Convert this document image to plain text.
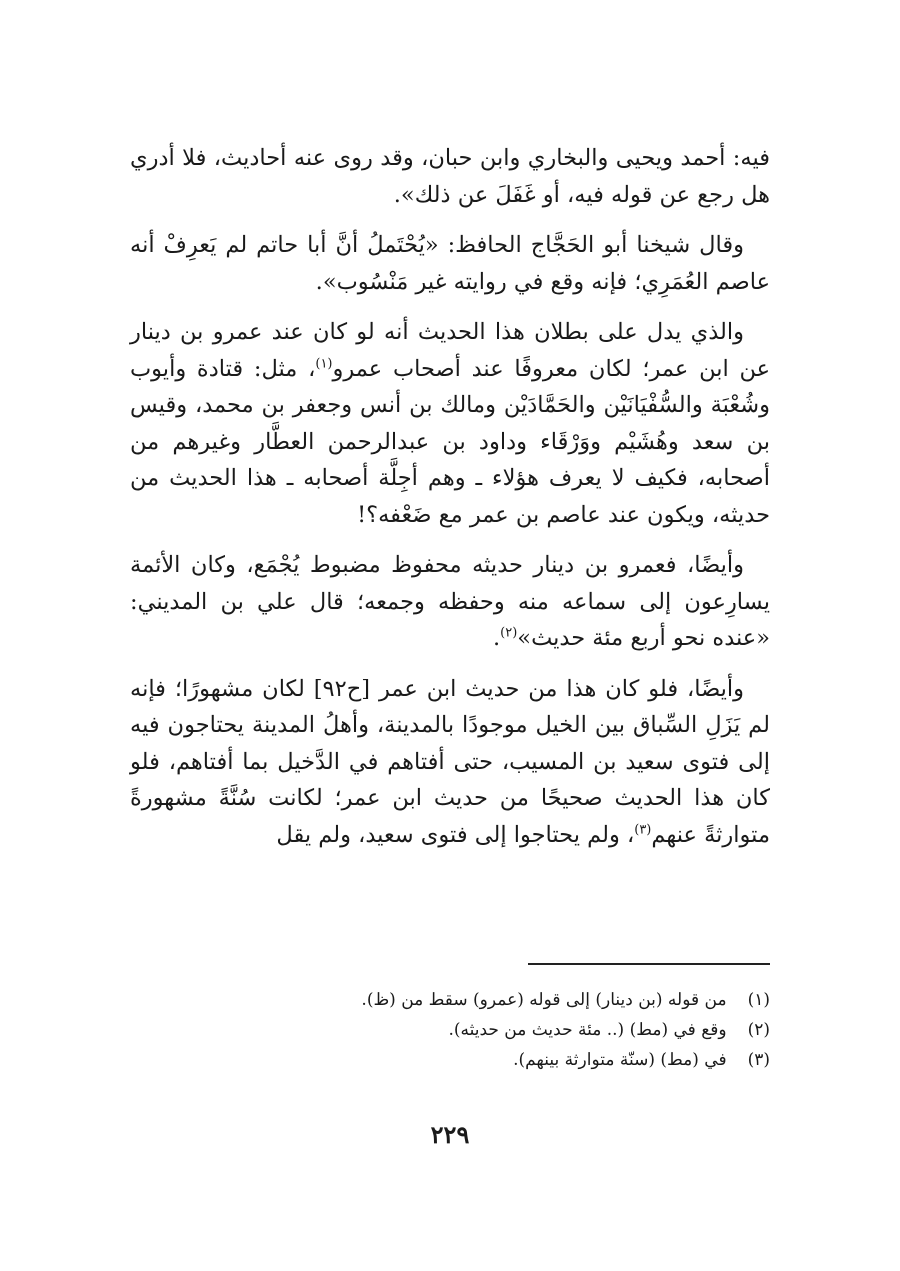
فيه: أحمد ويحيى والبخاري وابن حبان، وقد روى عنه أحاديث، فلا أدري هل رجع عن قوله فيه، أو غَفَلَ عن ذلك».

وقال شيخنا أبو الحَجَّاج الحافظ: «يُحْتَملُ أنَّ أبا حاتم لم يَعرِفْ أنه عاصم العُمَرِي؛ فإنه وقع في روايته غير مَنْسُوب».

والذي يدل على بطلان هذا الحديث أنه لو كان عند عمرو بن دينار عن ابن عمر؛ لكان معروفًا عند أصحاب عمرو$^{(١)}$، مثل: قتادة وأيوب وشُعْبَة والسُّفْيَانَيْن والحَمَّادَيْن ومالك بن أنس وجعفر بن محمد، وقيس بن سعد وهُشَيْم ووَرْقَاء وداود بن عبدالرحمن العطَّار وغيرهم من أصحابه، فكيف لا يعرف هؤلاء ـ وهم أجِلَّة أصحابه ـ هذا الحديث من حديثه، ويكون عند عاصم بن عمر مع ضَعْفه؟!

وأيضًا، فعمرو بن دينار حديثه محفوظ مضبوط يُجْمَع، وكان الأئمة يسارِعون إلى سماعه منه وحفظه وجمعه؛ قال علي بن المديني: «عنده نحو أربع مئة حديث»$^{(٢)}$.

وأيضًا، فلو كان هذا من حديث ابن عمر [ح٩٢] لكان مشهورًا؛ فإنه لم يَزَلِ السِّباق بين الخيل موجودًا بالمدينة، وأهلُ المدينة يحتاجون فيه إلى فتوى سعيد بن المسيب، حتى أفتاهم في الدَّخيل بما أفتاهم، فلو كان هذا الحديث صحيحًا من حديث ابن عمر؛ لكانت سُنَّةً مشهورةً متوارثةً عنهم$^{(٣)}$، ولم يحتاجوا إلى فتوى سعيد، ولم يقل

(١) من قوله (بن دينار) إلى قوله (عمرو) سقط من (ظ).
(٢) وقع في (مط) (.. مئة حديث من حديثه).
(٣) في (مط) (سنّة متوارثة بينهم).
٢٢٩
